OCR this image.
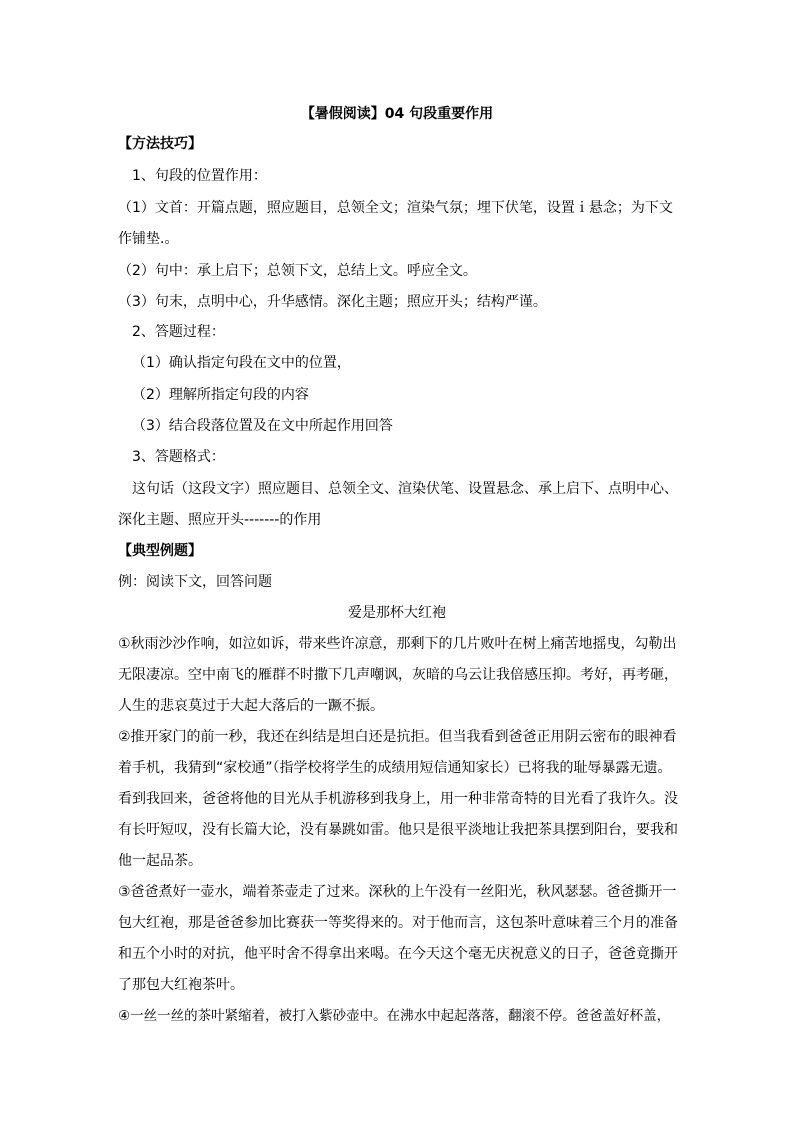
【暑假阅读】04 句段重要作用
【方法技巧】
1、句段的位置作用：
（1）文首：开篇点题，照应题目，总领全文；渲染气氛；埋下伏笔，设置ｉ悬念；为下文
作铺垫.。
（2）句中：承上启下；总领下文，总结上文。呼应全文。
（3）句末，点明中心，升华感情。深化主题；照应开头；结构严谨。
2、答题过程：
（1）确认指定句段在文中的位置，
（2）理解所指定句段的内容
（3）结合段落位置及在文中所起作用回答
3、答题格式：
这句话（这段文字）照应题目、总领全文、渲染伏笔、设置悬念、承上启下、点明中心、
深化主题、照应开头-------的作用
【典型例题】
例：阅读下文，回答问题
爱是那杯大红袍
①秋雨沙沙作响，如泣如诉，带来些许凉意，那剩下的几片败叶在树上痛苦地摇曳，勾勒出
无限凄凉。空中南飞的雁群不时撒下几声嘲讽，灰暗的乌云让我倍感压抑。考好，再考砸，
人生的悲哀莫过于大起大落后的一蹶不振。
②推开家门的前一秒，我还在纠结是坦白还是抗拒。但当我看到爸爸正用阴云密布的眼神看
着手机，我猜到“家校通”（指学校将学生的成绩用短信通知家长）已将我的耻辱暴露无遗。
看到我回来，爸爸将他的目光从手机游移到我身上，用一种非常奇特的目光看了我许久。没
有长吁短叹，没有长篇大论，没有暴跳如雷。他只是很平淡地让我把茶具摆到阳台，要我和
他一起品茶。
③爸爸煮好一壶水，端着茶壶走了过来。深秋的上午没有一丝阳光，秋风瑟瑟。爸爸撕开一
包大红袍，那是爸爸参加比赛获一等奖得来的。对于他而言，这包茶叶意味着三个月的准备
和五个小时的对抗，他平时舍不得拿出来喝。在今天这个毫无庆祝意义的日子，爸爸竟撕开
了那包大红袍茶叶。
④一丝一丝的茶叶紧缩着，被打入紫砂壶中。在沸水中起起落落，翻滚不停。爸爸盖好杯盖，
